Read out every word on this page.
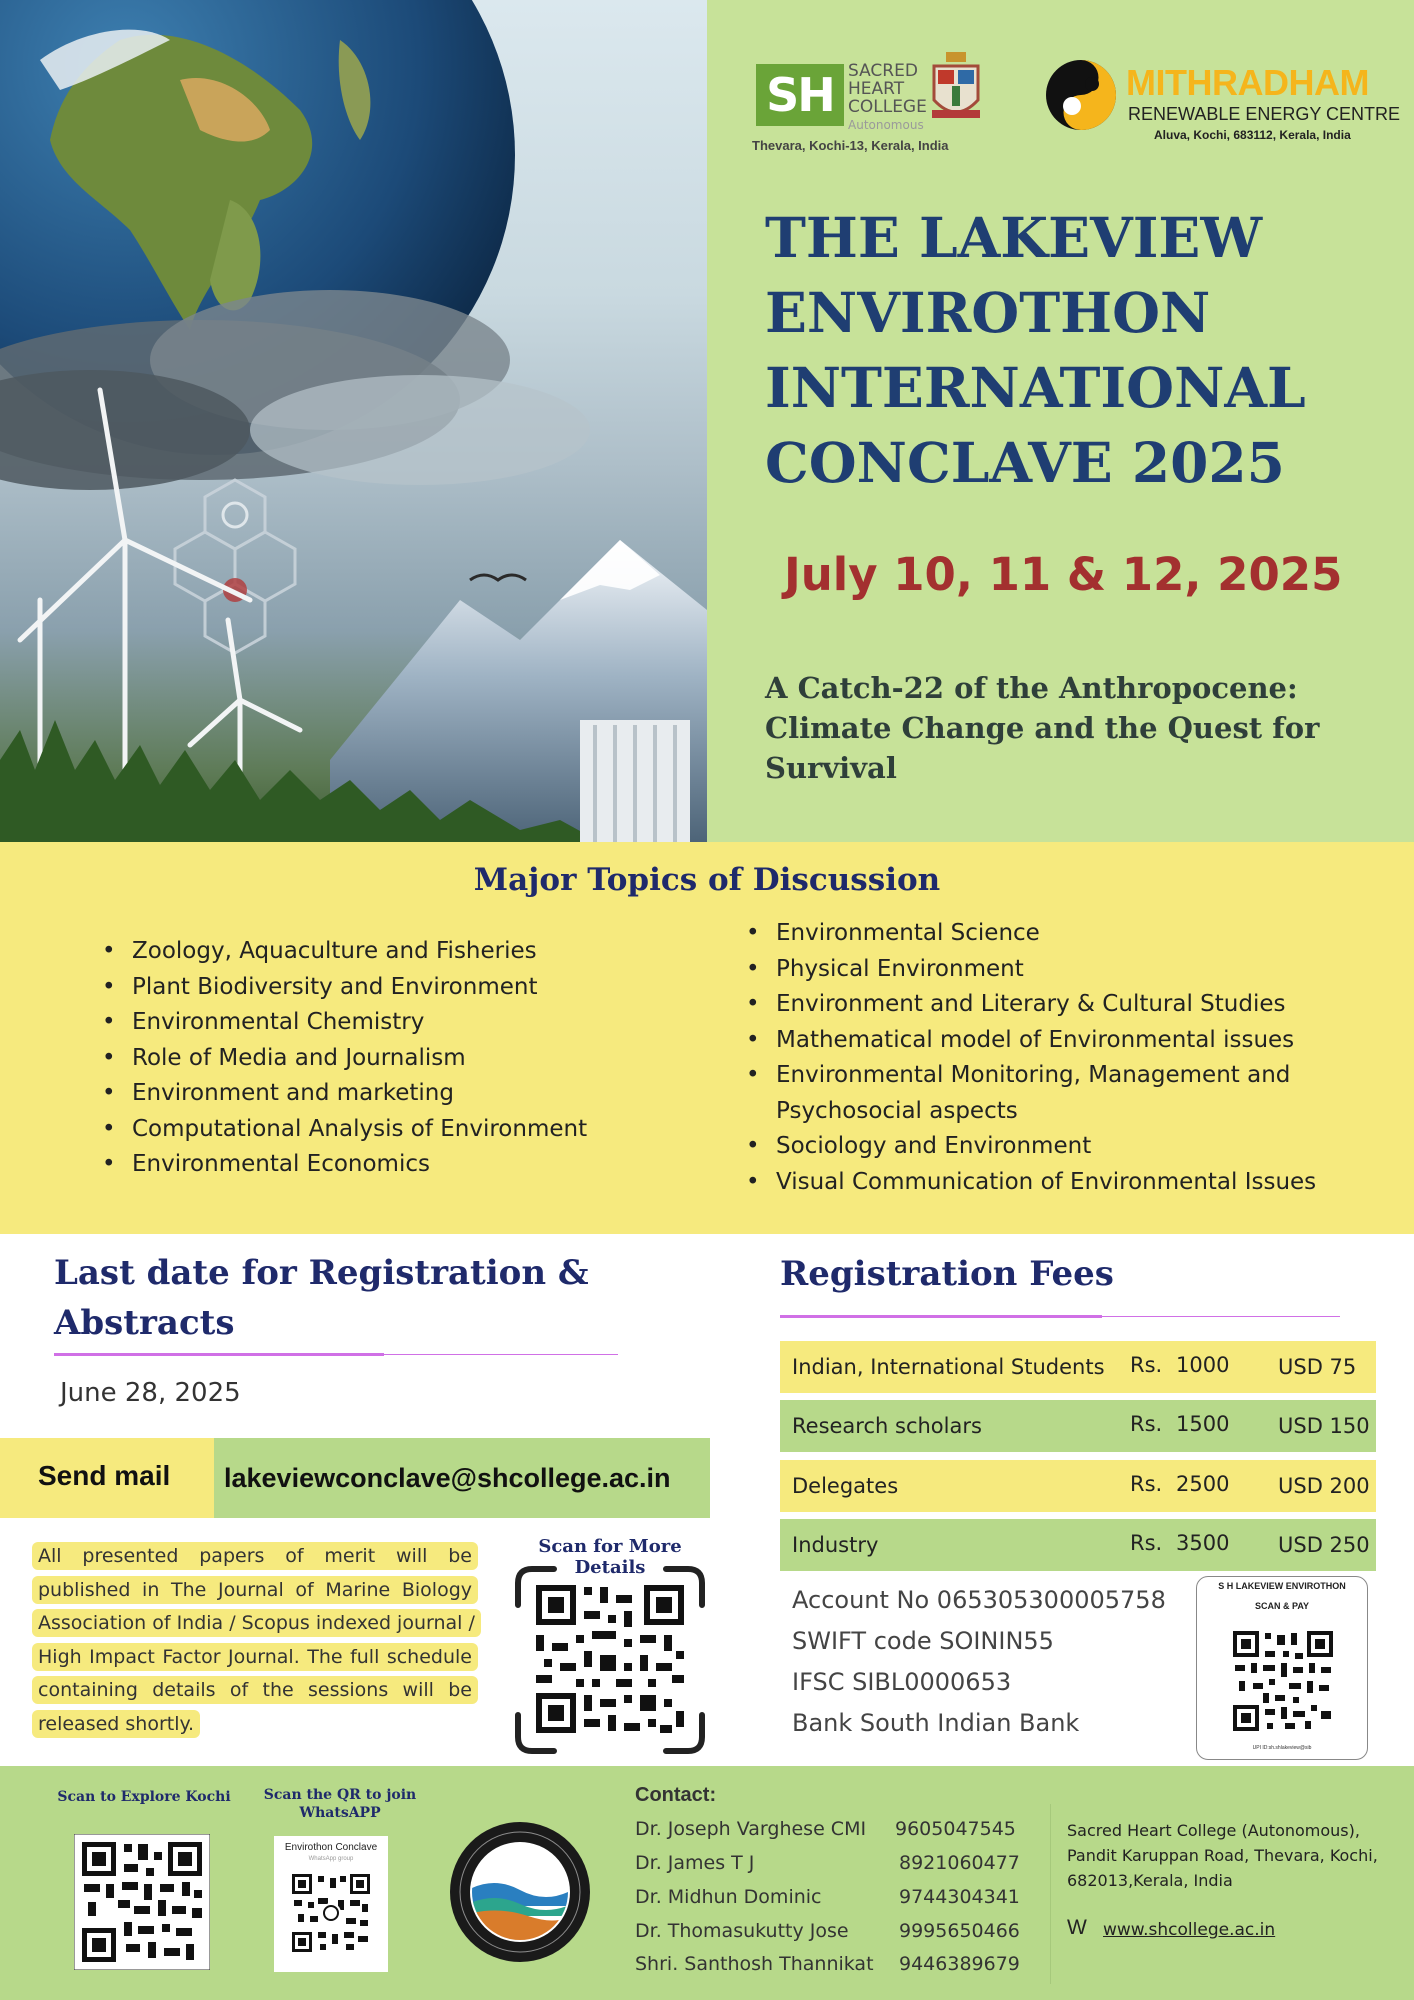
SH SACRED
HEART
COLLEGE
Autonomous
Thevara, Kochi-13, Kerala, India
MITHRADHAM
RENEWABLE ENERGY CENTRE
Aluva, Kochi, 683112, Kerala, India
THE LAKEVIEW ENVIROTHON INTERNATIONAL CONCLAVE 2025
July 10, 11 & 12, 2025
A Catch-22 of the Anthropocene: Climate Change and the Quest for Survival
Major Topics of Discussion
• Zoology, Aquaculture and Fisheries
• Plant Biodiversity and Environment
• Environmental Chemistry
• Role of Media and Journalism
• Environment and marketing
• Computational Analysis of Environment
• Environmental Economics
• Environmental Science
• Physical Environment
• Environment and Literary & Cultural Studies
• Mathematical model of Environmental issues
• Environmental Monitoring, Management and Psychosocial aspects
• Sociology and Environment
• Visual Communication of Environmental Issues
Last date for Registration & Abstracts
June 28, 2025
Send mail	lakeviewconclave@shcollege.ac.in

All presented papers of merit will be published in The Journal of Marine Biology Association of India / Scopus indexed journal / High Impact Factor Journal. The full schedule containing details of the sessions will be released shortly.

Scan for More Details
Registration Fees
Indian, International Students Rs. 1000 USD 75
Research scholars	Rs. 1500 USD 150
Delegates	Rs. 2500 USD 200
Industry	Rs. 3500 USD 250
Account No 065305300005758
SWIFT code SOININ55
IFSC SIBL0000653
Bank South Indian Bank
S H LAKEVIEW ENVIROTHON
SCAN & PAY
UPI ID:sh.shlakeview@sib
Scan to Explore Kochi Scan the QR to join WhatsAPP
Envirothon Conclave
WhatsApp group
Contact:
Dr. Joseph Varghese CMI 9605047545
Dr. James T J	8921060477
Dr. Midhun Dominic	9744304341
Dr. Thomasukutty Jose	9995650466
Shri. Santhosh Thannikat 9446389679
Sacred Heart College (Autonomous), Pandit Karuppan Road, Thevara, Kochi, 682013,Kerala, India
W www.shcollege.ac.in
